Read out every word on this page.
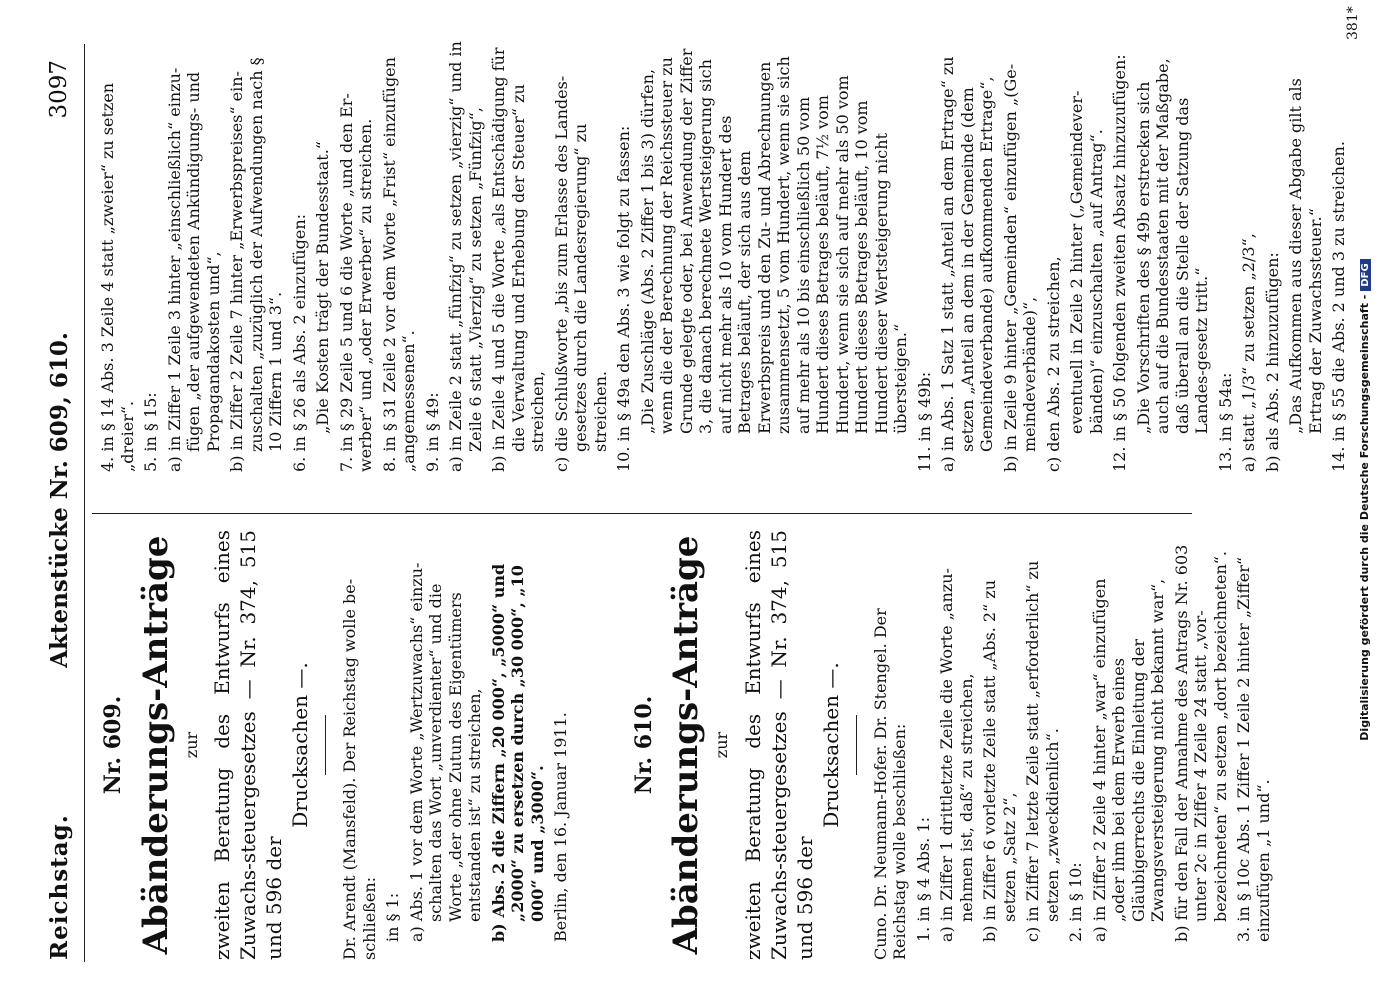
Reichstag.
Aktenstücke Nr. 609, 610.
3097
Nr. 609. Abänderungs-Anträge zur zweiten Beratung des Entwurfs eines Zuwachs-steuergesetzes — Nr. 374, 515 und 596 der
Drucksachen —. Dr. Arendt (Mansfeld). Der Reichstag wolle be-schließen: in § 1: a) Abs. 1 vor dem Worte „Wertzuwachs“ einzu-schalten das Wort „unverdienter“ und die Worte „der ohne Zutun des Eigentümers entstanden ist“ zu streichen, b) Abs. 2 die Ziffern „20 000“, „5000“ und „2000“ zu ersetzen durch „30 000“, „10 000“ und „3000“. Berlin, den 16. Januar 1911.	Nr. 610. Abänderungs-Anträge zur zweiten Beratung des Entwurfs eines Zuwachs-steuergesetzes — Nr. 374, 515 und 596 der
Drucksachen —. Cuno. Dr. Neumann-Hofer. Dr. Stengel. Der Reichstag wolle beschließen: 1. in § 4 Abs. 1: a) in Ziffer 1 drittletzte Zeile die Worte „anzu-nehmen ist, daß“ zu streichen, b) in Ziffer 6 vorletzte Zeile statt „Abs. 2“ zu setzen „Satz 2“, c) in Ziffer 7 letzte Zeile statt „erforderlich“ zu setzen „zweckdienlich“. 2. in § 10: a) in Ziffer 2 Zeile 4 hinter „war“ einzufügen „oder ihm bei dem Erwerb eines Gläubigerrechts die Einleitung der Zwangsversteigerung nicht bekannt war“, b) für den Fall der Annahme des Antrags Nr. 603 unter 2c in Ziffer 4 Zeile 24 statt „vor-bezeichneten“ zu setzen „dort bezeichneten“. 3. in § 10c Abs. 1 Ziffer 1 Zeile 2 hinter „Ziffer“ einzufügen „1 und“.

4. in § 14 Abs. 3 Zeile 4 statt „zweier“ zu setzen „dreier“. 5. in § 15: a) in Ziffer 1 Zeile 3 hinter „einschließlich“ einzu-fügen „der aufgewendeten Ankündigungs- und Propagandakosten und“, b) in Ziffer 2 Zeile 7 hinter „Erwerbspreises“ ein-zuschalten „zuzüglich der Aufwendungen nach § 10 Ziffern 1 und 3“. 6. in § 26 als Abs. 2 einzufügen: „Die Kosten trägt der Bundesstaat.“ 7. in § 29 Zeile 5 und 6 die Worte „und den Er-werber“ und „oder Erwerber“ zu streichen. 8. in § 31 Zeile 2 vor dem Worte „Frist“ einzufügen „angemessenen“. 9. in § 49: a) in Zeile 2 statt „fünfzig“ zu setzen „vierzig“ und in Zeile 6 statt „Vierzig“ zu setzen „Fünfzig“, b) in Zeile 4 und 5 die Worte „als Entschädigung für die Verwaltung und Erhebung der Steuer“ zu streichen, c) die Schlußworte „bis zum Erlasse des Landes-gesetzes durch die Landesregierung“ zu streichen. 10. in § 49a den Abs. 3 wie folgt zu fassen: „Die Zuschläge (Abs. 2 Ziffer 1 bis 3) dürfen, wenn die der Berechnung der Reichssteuer zu Grunde gelegte oder, bei Anwendung der Ziffer 3, die danach berechnete Wertsteigerung sich auf nicht mehr als 10 vom Hundert des Betrages beläuft, der sich aus dem Erwerbspreis und den Zu- und Abrechnungen zusammensetzt, 5 vom Hundert, wenn sie sich auf mehr als 10 bis einschließlich 50 vom Hundert dieses Betrages beläuft, 7½ vom Hundert, wenn sie sich auf mehr als 50 vom Hundert dieses Betrages beläuft, 10 vom Hundert dieser Wertsteigerung nicht übersteigen.“ 11. in § 49b: a) in Abs. 1 Satz 1 statt „Anteil an dem Ertrage“ zu setzen „Anteil an dem in der Gemeinde (dem Gemeindeverbande) aufkommenden Ertrage“, b) in Zeile 9 hinter „Gemeinden“ einzufügen „(Ge-meindeverbände)“, c) den Abs. 2 zu streichen, eventuell in Zeile 2 hinter („Gemeindever-bänden)“ einzuschalten „auf Antrag“. 12. in § 50 folgenden zweiten Absatz hinzuzufügen: „Die Vorschriften des § 49b erstrecken sich auch auf die Bundesstaaten mit der Maßgabe, daß überall an die Stelle der Satzung das Landes-gesetz tritt.“ 13. in § 54a: a) statt „1/3“ zu setzen „2/3“, b) als Abs. 2 hinzuzufügen: „Das Aufkommen aus dieser Abgabe gilt als Ertrag der Zuwachssteuer.“ 14. in § 55 die Abs. 2 und 3 zu streichen.

381*
Digitalisierung gefördert durch die Deutsche Forschungsgemeinschaft -DFG
